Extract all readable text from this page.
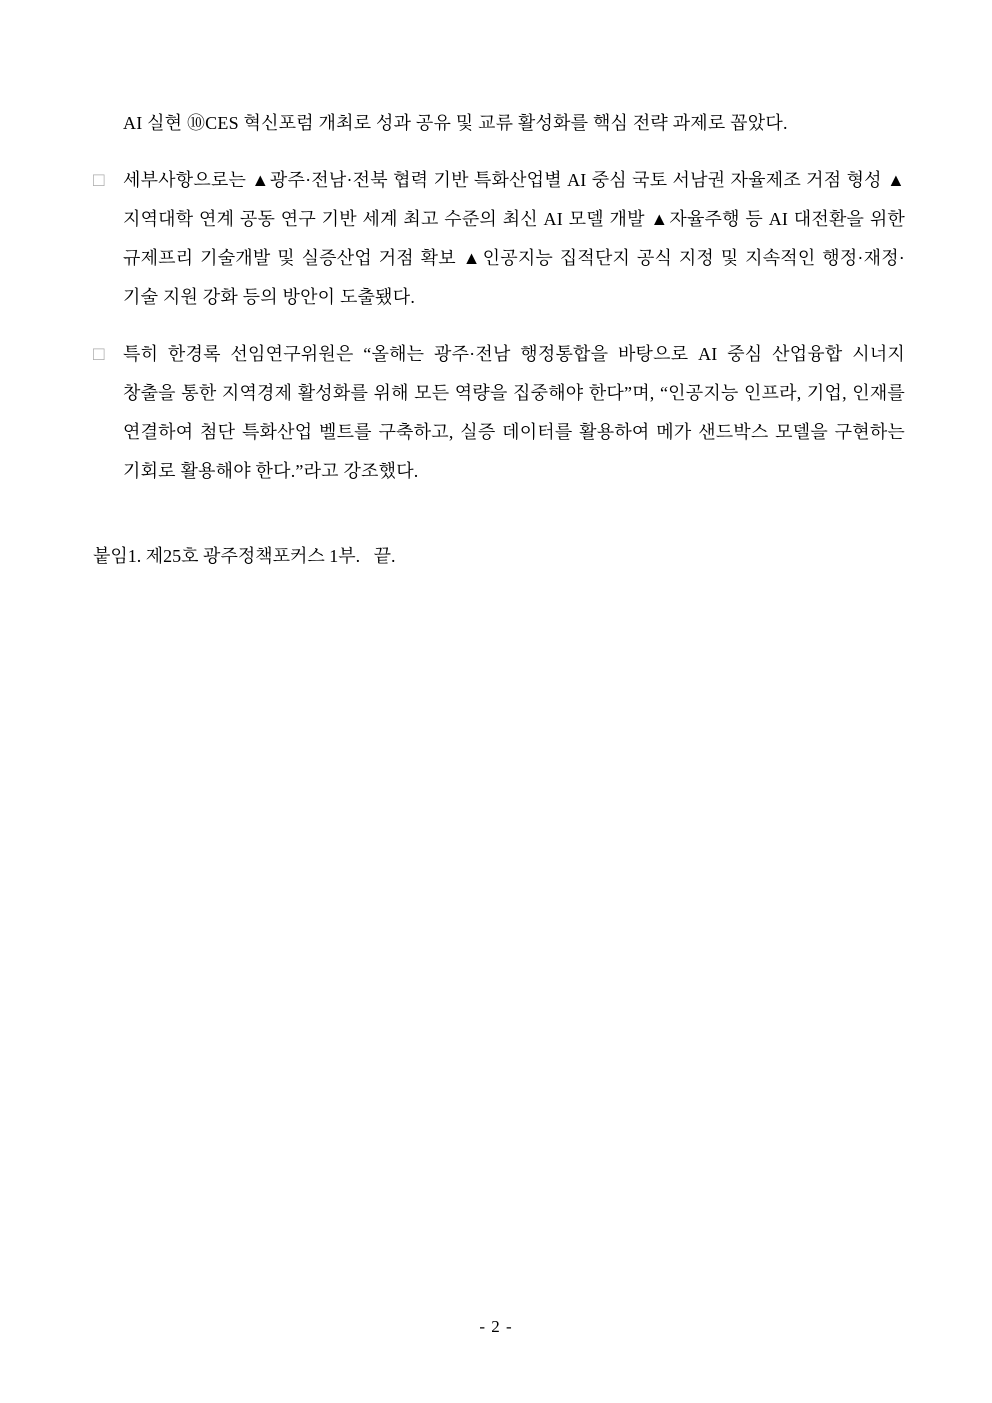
AI 실현 ⑩CES 혁신포럼 개최로 성과 공유 및 교류 활성화를 핵심 전략 과제로 꼽았다.

□	세부사항으로는 ▲광주·전남·전북 협력 기반 특화산업별 AI 중심 국토 서남권 자율제조 거점 형성 ▲지역대학 연계 공동 연구 기반 세계 최고 수준의 최신 AI 모델 개발 ▲자율주행 등 AI 대전환을 위한 규제프리 기술개발 및 실증산업 거점 확보 ▲인공지능 집적단지 공식 지정 및 지속적인 행정·재정·기술 지원 강화 등의 방안이 도출됐다.

□	특히 한경록 선임연구위원은 “올해는 광주·전남 행정통합을 바탕으로 AI 중심 산업융합 시너지 창출을 통한 지역경제 활성화를 위해 모든 역량을 집중해야 한다”며, “인공지능 인프라, 기업, 인재를 연결하여 첨단 특화산업 벨트를 구축하고, 실증 데이터를 활용하여 메가 샌드박스 모델을 구현하는 기회로 활용해야 한다.”라고 강조했다.

붙임1. 제25호 광주정책포커스 1부.   끝.

- 2 -
